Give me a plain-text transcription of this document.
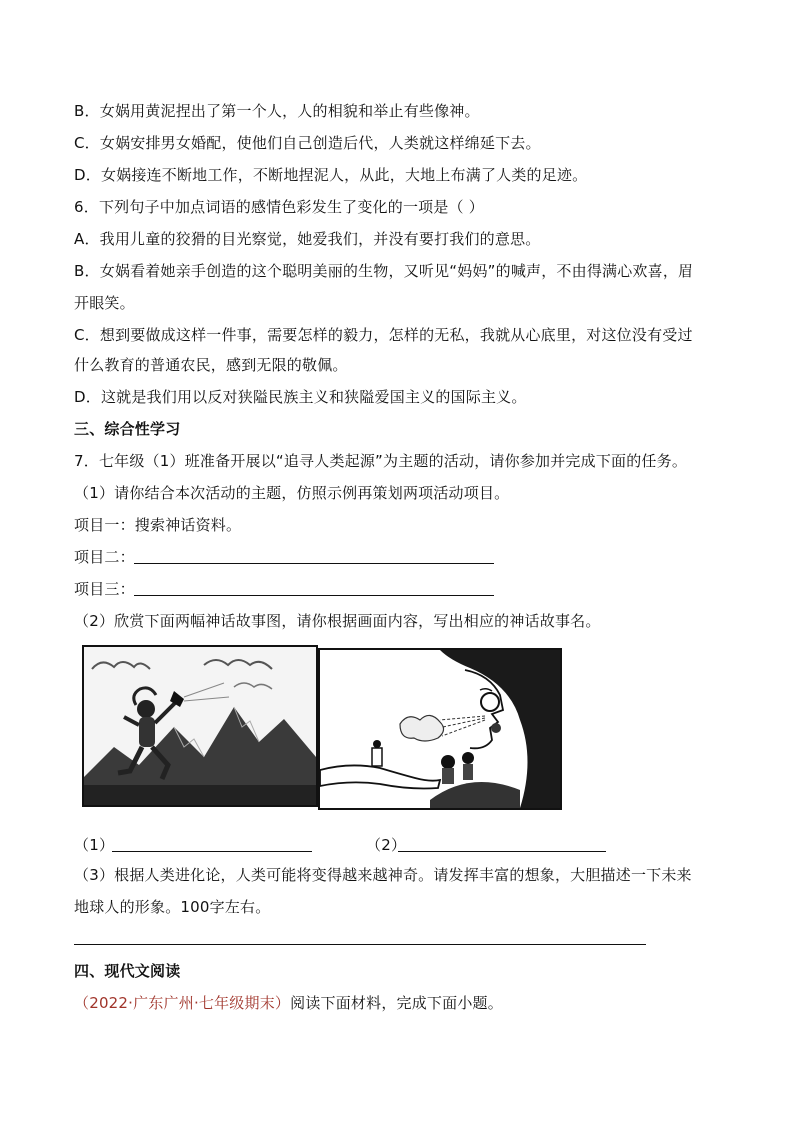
B．女娲用黄泥捏出了第一个人，人的相貌和举止有些像神。
C．女娲安排男女婚配，使他们自己创造后代，人类就这样绵延下去。
D．女娲接连不断地工作，不断地捏泥人，从此，大地上布满了人类的足迹。
6．下列句子中加点词语的感情色彩发生了变化的一项是（ ）
A．我用儿童的狡猾的目光察觉，她爱我们，并没有要打我们的意思。
B．女娲看着她亲手创造的这个聪明美丽的生物，又听见“妈妈”的喊声，不由得满心欢喜，眉
开眼笑。
C．想到要做成这样一件事，需要怎样的毅力，怎样的无私，我就从心底里，对这位没有受过
什么教育的普通农民，感到无限的敬佩。
D．这就是我们用以反对狭隘民族主义和狭隘爱国主义的国际主义。
三、综合性学习
7．七年级（1）班准备开展以“追寻人类起源”为主题的活动，请你参加并完成下面的任务。
（1）请你结合本次活动的主题，仿照示例再策划两项活动项目。
项目一：搜索神话资料。
项目二：
项目三：
（2）欣赏下面两幅神话故事图，请你根据画面内容，写出相应的神话故事名。
（1）	（2）
（3）根据人类进化论，人类可能将变得越来越神奇。请发挥丰富的想象，大胆描述一下未来
地球人的形象。100字左右。
四、现代文阅读
（2022·广东广州·七年级期末）阅读下面材料，完成下面小题。
